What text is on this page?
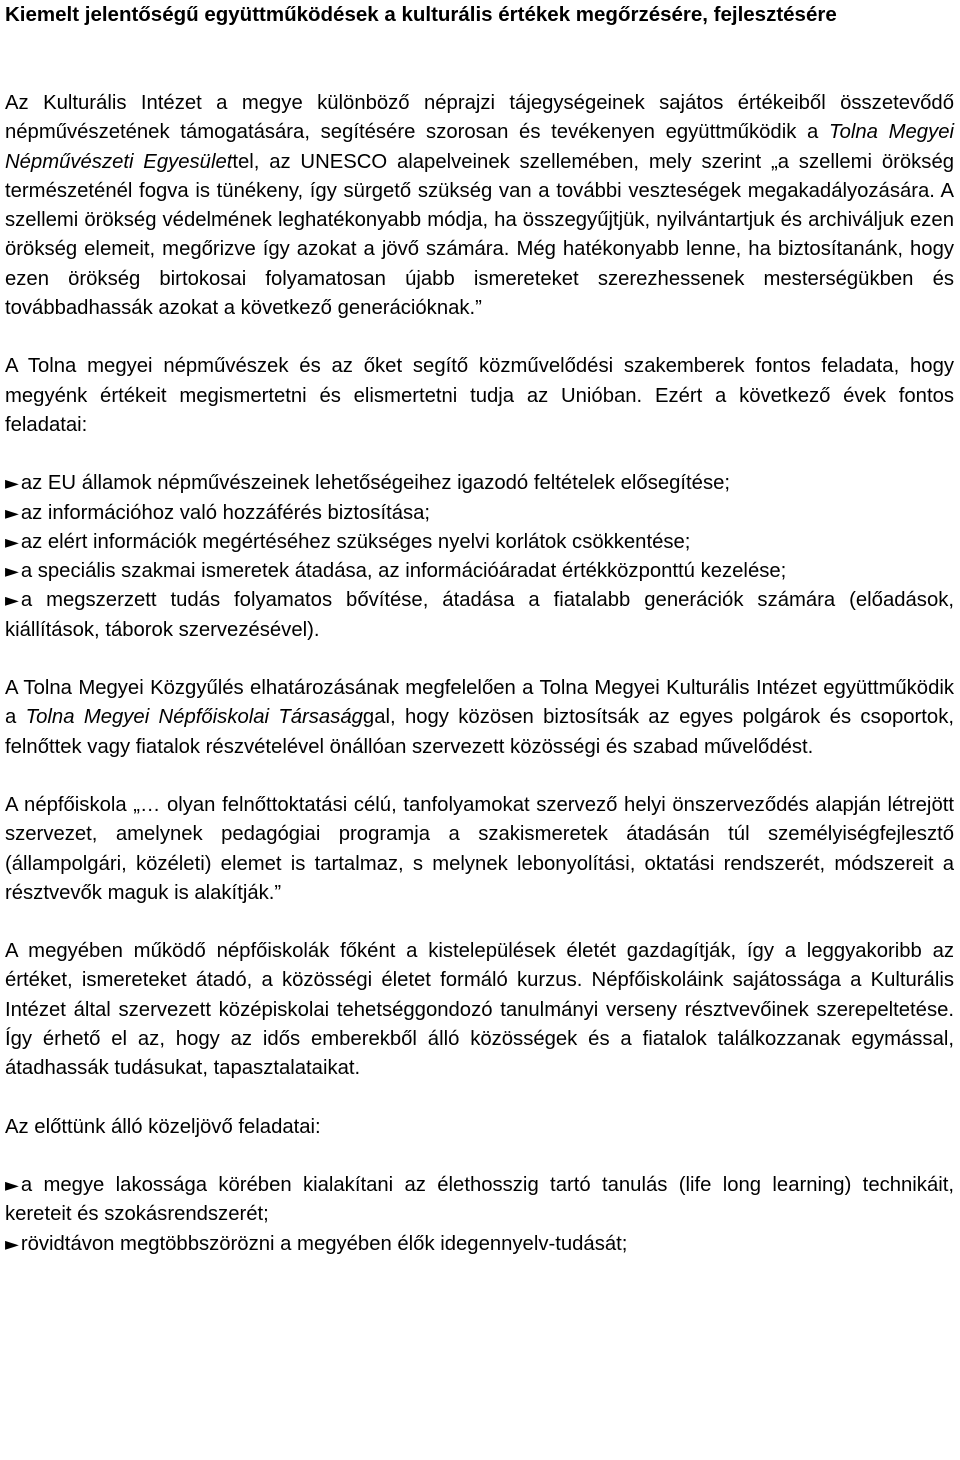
Kiemelt jelentőségű együttműködések a kulturális értékek megőrzésére, fejlesztésére

Az Kulturális Intézet a megye különböző néprajzi tájegységeinek sajátos értékeiből összetevődő népművészetének támogatására, segítésére szorosan és tevékenyen együttműködik a Tolna Megyei Népművészeti Egyesülettel, az UNESCO alapelveinek szellemében, mely szerint „a szellemi örökség természeténél fogva is tünékeny, így sürgető szükség van a további veszteségek megakadályozására. A szellemi örökség védelmének leghatékonyabb módja, ha összegyűjtjük, nyilvántartjuk és archiváljuk ezen örökség elemeit, megőrizve így azokat a jövő számára. Még hatékonyabb lenne, ha biztosítanánk, hogy ezen örökség birtokosai folyamatosan újabb ismereteket szerezhessenek mesterségükben és továbbadhassák azokat a következő generációknak.”

A Tolna megyei népművészek és az őket segítő közművelődési szakemberek fontos feladata, hogy megyénk értékeit megismertetni és elismertetni tudja az Unióban. Ezért a következő évek fontos feladatai:

►az EU államok népművészeinek lehetőségeihez igazodó feltételek elősegítése;

►az információhoz való hozzáférés biztosítása;

►az elért információk megértéséhez szükséges nyelvi korlátok csökkentése;

►a speciális szakmai ismeretek átadása, az információáradat értékközponttú kezelése;

►a megszerzett tudás folyamatos bővítése, átadása a fiatalabb generációk számára (előadások, kiállítások, táborok szervezésével).

A Tolna Megyei Közgyűlés elhatározásának megfelelően a Tolna Megyei Kulturális Intézet együttműködik a Tolna Megyei Népfőiskolai Társasággal, hogy közösen biztosítsák az egyes polgárok és csoportok, felnőttek vagy fiatalok részvételével önállóan szervezett közösségi és szabad művelődést.

A népfőiskola „… olyan felnőttoktatási célú, tanfolyamokat szervező helyi önszerveződés alapján létrejött szervezet, amelynek pedagógiai programja a szakismeretek átadásán túl személyiségfejlesztő (állampolgári, közéleti) elemet is tartalmaz, s melynek lebonyolítási, oktatási rendszerét, módszereit a résztvevők maguk is alakítják.”

A megyében működő népfőiskolák főként a kistelepülések életét gazdagítják, így a leggyakoribb az értéket, ismereteket átadó, a közösségi életet formáló kurzus. Népfőiskoláink sajátossága a Kulturális Intézet által szervezett középiskolai tehetséggondozó tanulmányi verseny résztvevőinek szerepeltetése. Így érhető el az, hogy az idős emberekből álló közösségek és a fiatalok találkozzanak egymással, átadhassák tudásukat, tapasztalataikat.

Az előttünk álló közeljövő feladatai:

►a megye lakossága körében kialakítani az élethosszig tartó tanulás (life long learning) technikáit, kereteit és szokásrendszerét;

►rövidtávon megtöbbszörözni a megyében élők idegennyelv-tudását;
